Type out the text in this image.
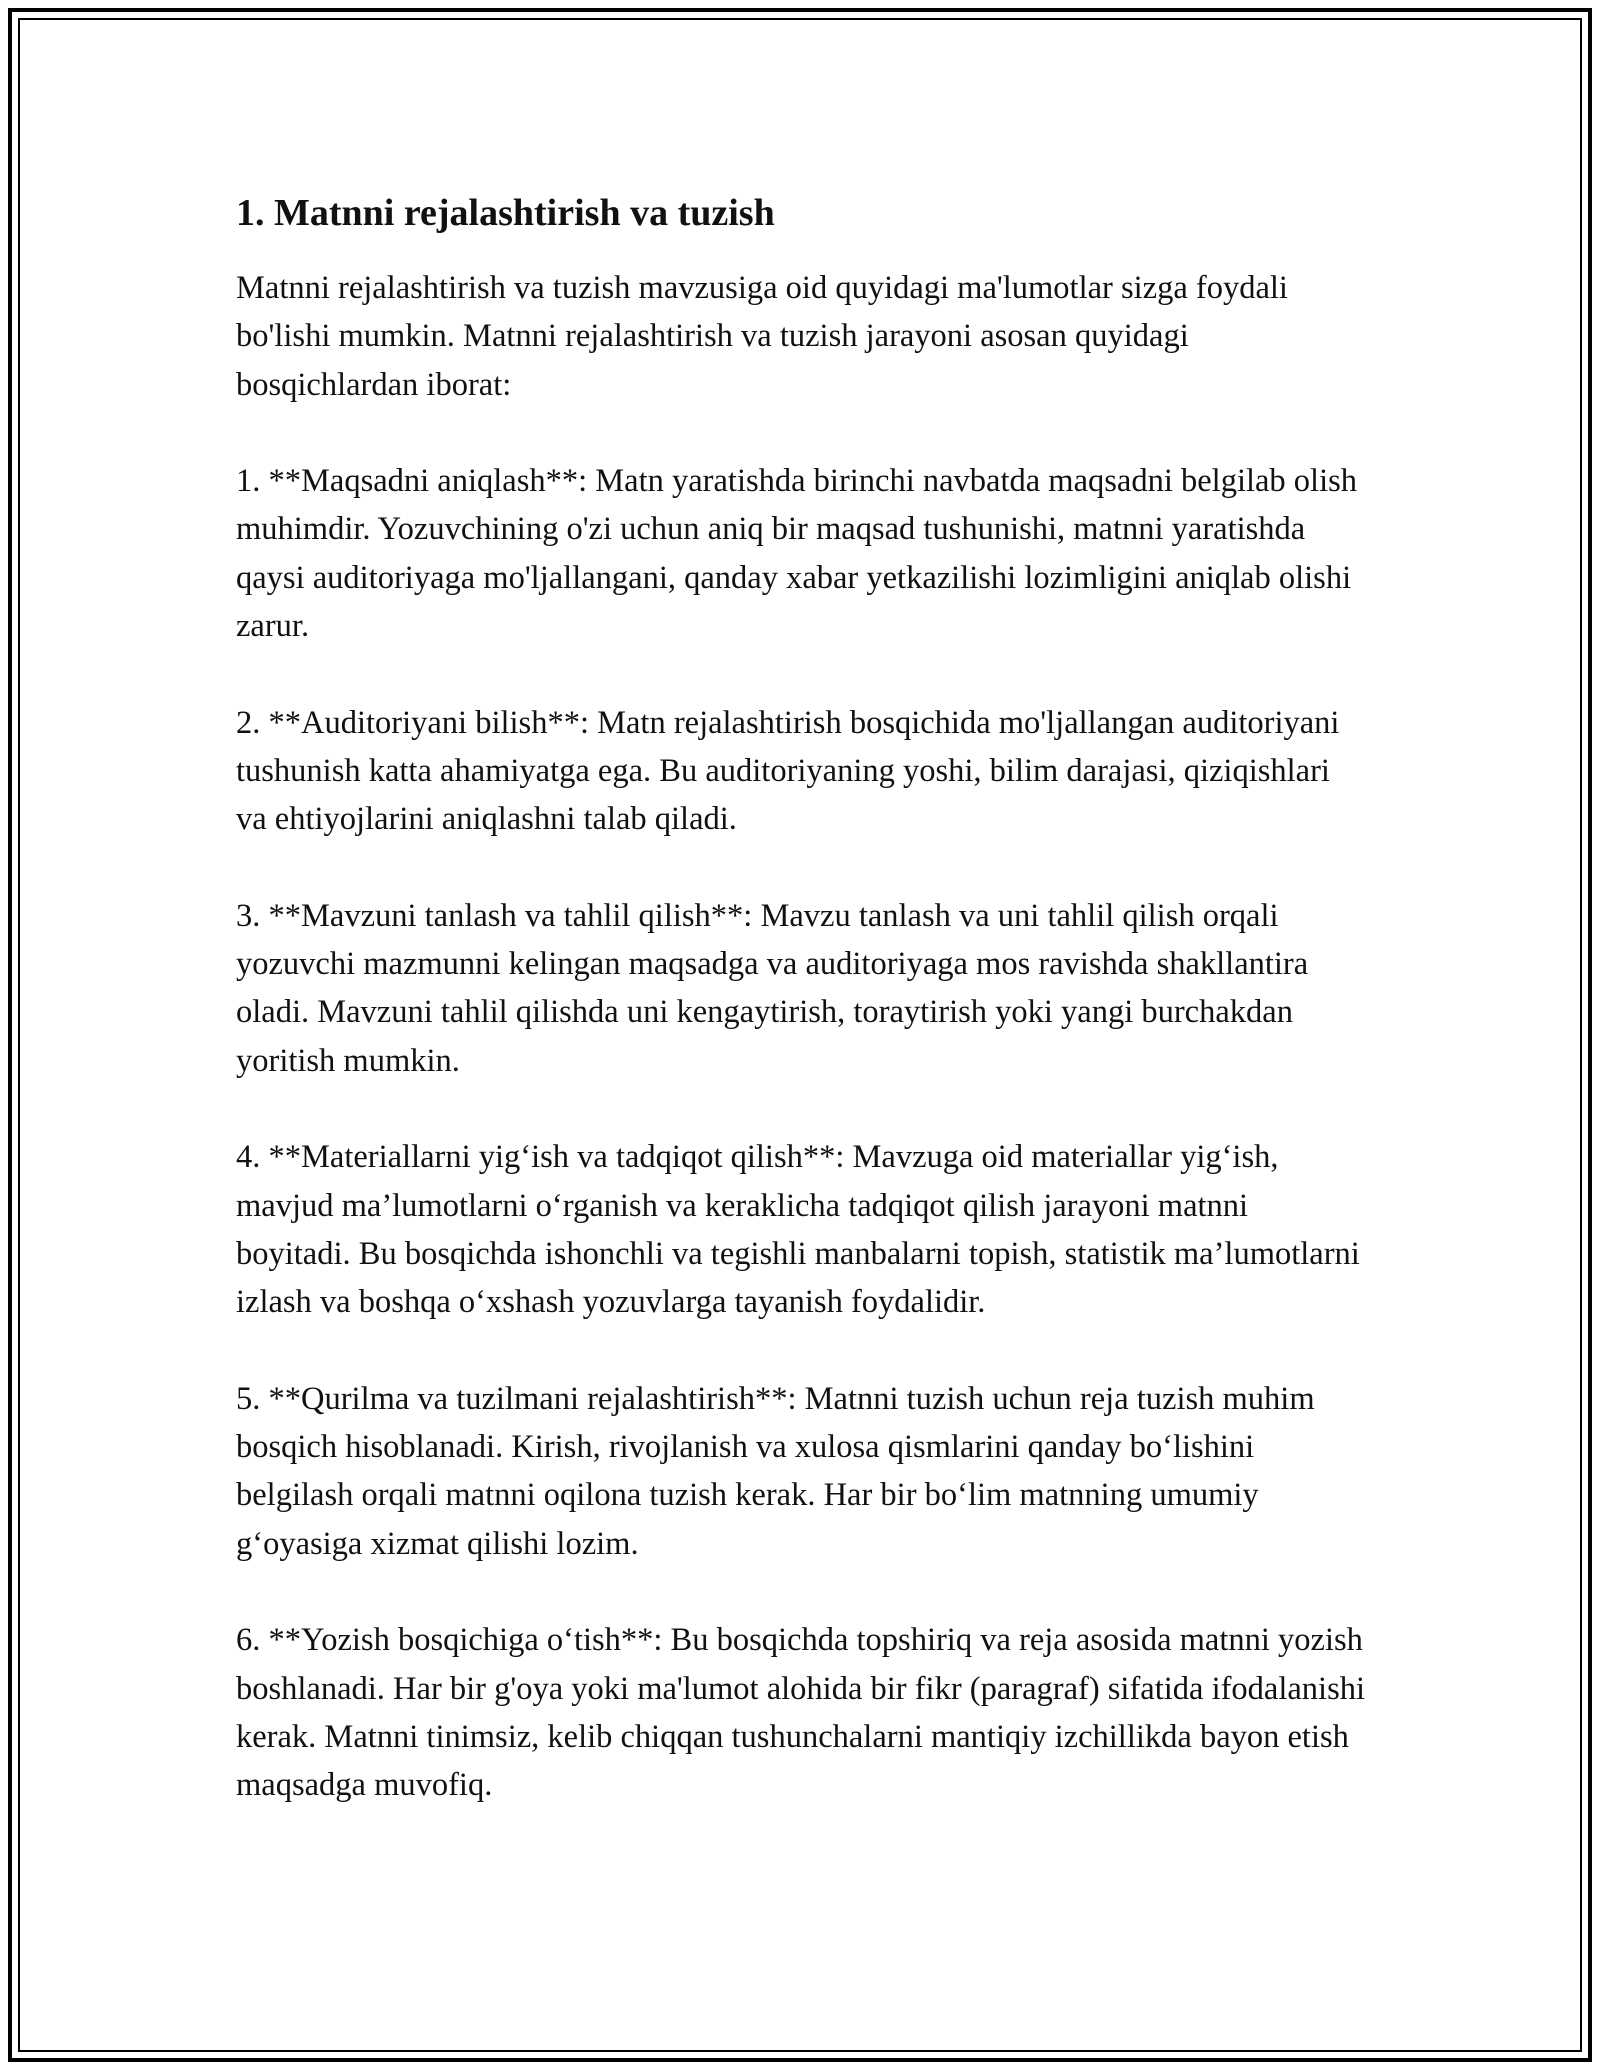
1. Matnni rejalashtirish va tuzish

Matnni rejalashtirish va tuzish mavzusiga oid quyidagi ma'lumotlar sizga foydali bo'lishi mumkin. Matnni rejalashtirish va tuzish jarayoni asosan quyidagi bosqichlardan iborat:

1. **Maqsadni aniqlash**: Matn yaratishda birinchi navbatda maqsadni belgilab olish muhimdir. Yozuvchining o'zi uchun aniq bir maqsad tushunishi, matnni yaratishda qaysi auditoriyaga mo'ljallangani, qanday xabar yetkazilishi lozimligini aniqlab olishi zarur.

2. **Auditoriyani bilish**: Matn rejalashtirish bosqichida mo'ljallangan auditoriyani tushunish katta ahamiyatga ega. Bu auditoriyaning yoshi, bilim darajasi, qiziqishlari va ehtiyojlarini aniqlashni talab qiladi.

3. **Mavzuni tanlash va tahlil qilish**: Mavzu tanlash va uni tahlil qilish orqali yozuvchi mazmunni kelingan maqsadga va auditoriyaga mos ravishda shakllantira oladi. Mavzuni tahlil qilishda uni kengaytirish, toraytirish yoki yangi burchakdan yoritish mumkin.

4. **Materiallarni yig‘ish va tadqiqot qilish**: Mavzuga oid materiallar yig‘ish, mavjud ma’lumotlarni o‘rganish va keraklicha tadqiqot qilish jarayoni matnni boyitadi. Bu bosqichda ishonchli va tegishli manbalarni topish, statistik ma’lumotlarni izlash va boshqa o‘xshash yozuvlarga tayanish foydalidir.

5. **Qurilma va tuzilmani rejalashtirish**: Matnni tuzish uchun reja tuzish muhim bosqich hisoblanadi. Kirish, rivojlanish va xulosa qismlarini qanday bo‘lishini belgilash orqali matnni oqilona tuzish kerak. Har bir bo‘lim matnning umumiy g‘oyasiga xizmat qilishi lozim.

6. **Yozish bosqichiga o‘tish**: Bu bosqichda topshiriq va reja asosida matnni yozish boshlanadi. Har bir g'oya yoki ma'lumot alohida bir fikr (paragraf) sifatida ifodalanishi kerak. Matnni tinimsiz, kelib chiqqan tushunchalarni mantiqiy izchillikda bayon etish maqsadga muvofiq.
